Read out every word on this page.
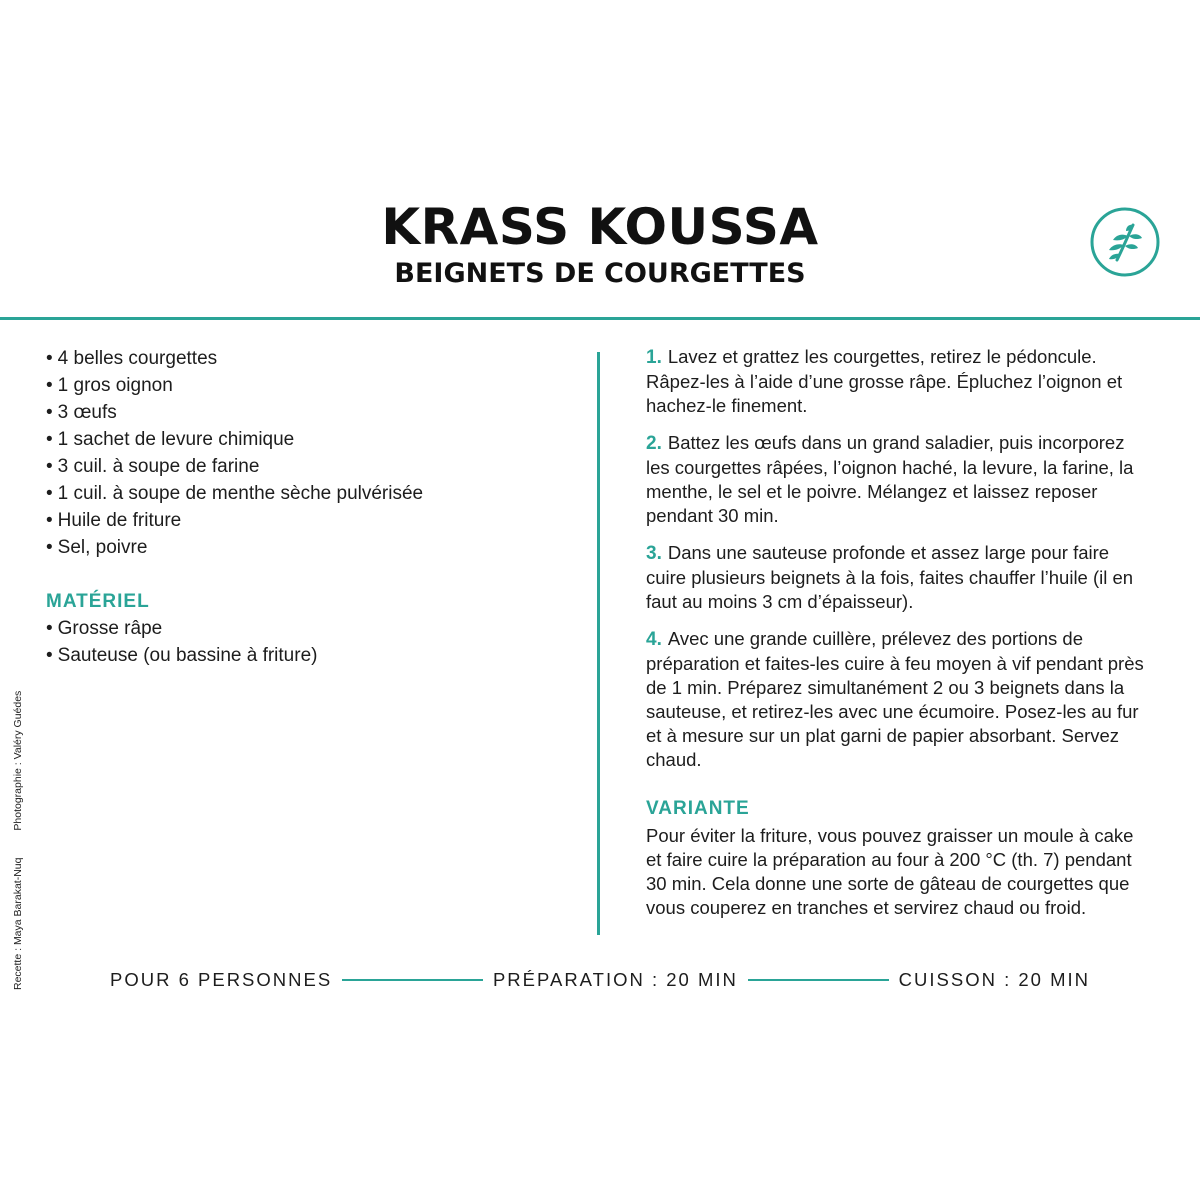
KRASS KOUSSA
BEIGNETS DE COURGETTES
Recette : Maya Barakat-Nuq Photographie : Valéry Guédes
• 4 belles courgettes
• 1 gros oignon
• 3 œufs
• 1 sachet de levure chimique
• 3 cuil. à soupe de farine
• 1 cuil. à soupe de menthe sèche pulvérisée
• Huile de friture
• Sel, poivre
MATÉRIEL
• Grosse râpe
• Sauteuse (ou bassine à friture)
1. Lavez et grattez les courgettes, retirez le pédoncule. Râpez-les à l’aide d’une grosse râpe. Épluchez l’oignon et hachez-le finement.
2. Battez les œufs dans un grand saladier, puis incorporez les courgettes râpées, l’oignon haché, la levure, la farine, la menthe, le sel et le poivre. Mélangez et laissez reposer pendant 30 min.
3. Dans une sauteuse profonde et assez large pour faire cuire plusieurs beignets à la fois, faites chauffer l’huile (il en faut au moins 3 cm d’épaisseur).
4. Avec une grande cuillère, prélevez des portions de préparation et faites-les cuire à feu moyen à vif pendant près de 1 min. Préparez simultanément 2 ou 3 beignets dans la sauteuse, et retirez-les avec une écumoire. Posez-les au fur et à mesure sur un plat garni de papier absorbant. Servez chaud.
VARIANTE
Pour éviter la friture, vous pouvez graisser un moule à cake et faire cuire la préparation au four à 200 °C (th. 7) pendant 30 min. Cela donne une sorte de gâteau de courgettes que vous couperez en tranches et servirez chaud ou froid.
POUR 6 PERSONNES	PRÉPARATION : 20 MIN	CUISSON : 20 MIN
